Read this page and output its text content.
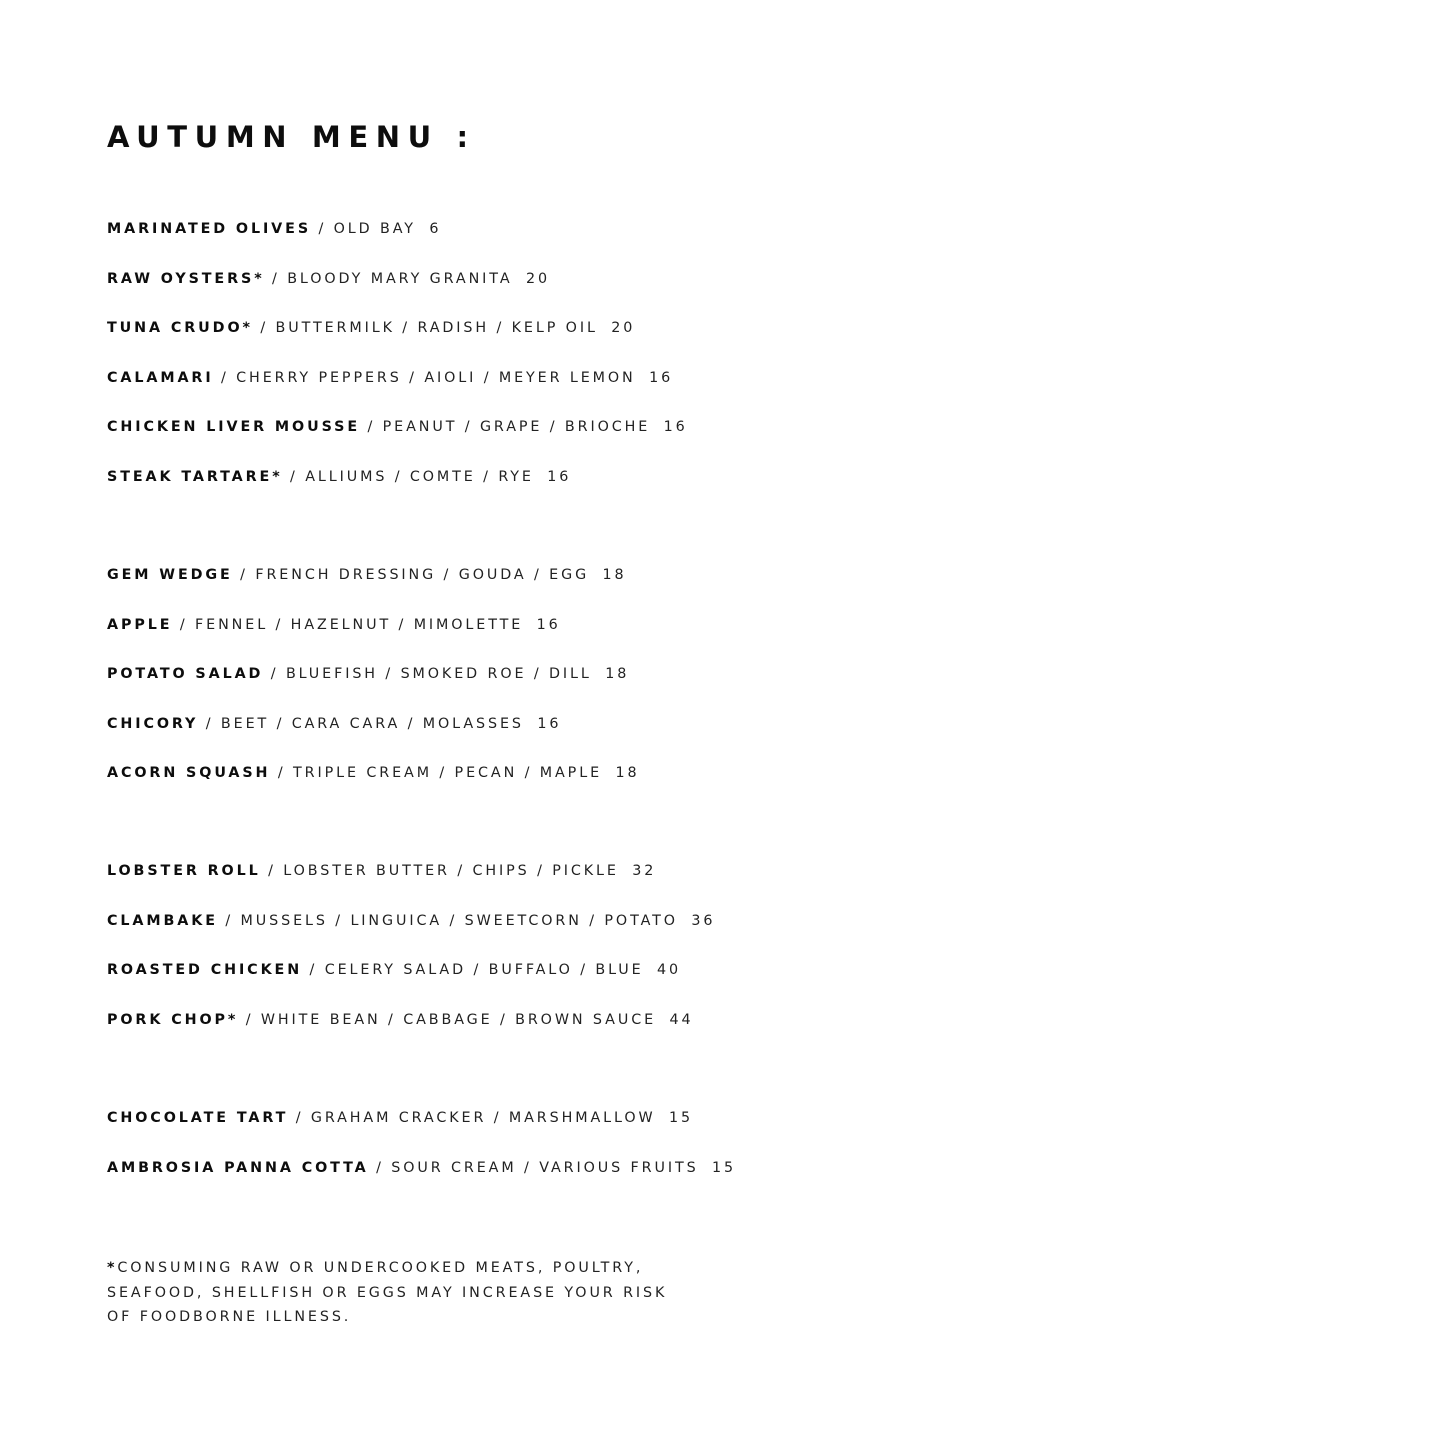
AUTUMN MENU :
MARINATED OLIVES / OLD BAY 6
RAW OYSTERS* / BLOODY MARY GRANITA 20
TUNA CRUDO* / BUTTERMILK / RADISH / KELP OIL 20
CALAMARI / CHERRY PEPPERS / AIOLI / MEYER LEMON 16
CHICKEN LIVER MOUSSE / PEANUT / GRAPE / BRIOCHE 16
STEAK TARTARE* / ALLIUMS / COMTE / RYE 16
GEM WEDGE / FRENCH DRESSING / GOUDA / EGG 18
APPLE / FENNEL / HAZELNUT / MIMOLETTE 16
POTATO SALAD / BLUEFISH / SMOKED ROE / DILL 18
CHICORY / BEET / CARA CARA / MOLASSES 16
ACORN SQUASH / TRIPLE CREAM / PECAN / MAPLE 18
LOBSTER ROLL / LOBSTER BUTTER / CHIPS / PICKLE 32
CLAMBAKE / MUSSELS / LINGUICA / SWEETCORN / POTATO 36
ROASTED CHICKEN / CELERY SALAD / BUFFALO / BLUE 40
PORK CHOP* / WHITE BEAN / CABBAGE / BROWN SAUCE 44
CHOCOLATE TART / GRAHAM CRACKER / MARSHMALLOW 15
AMBROSIA PANNA COTTA / SOUR CREAM / VARIOUS FRUITS 15

*CONSUMING RAW OR UNDERCOOKED MEATS, POULTRY,
SEAFOOD, SHELLFISH OR EGGS MAY INCREASE YOUR RISK
OF FOODBORNE ILLNESS.
